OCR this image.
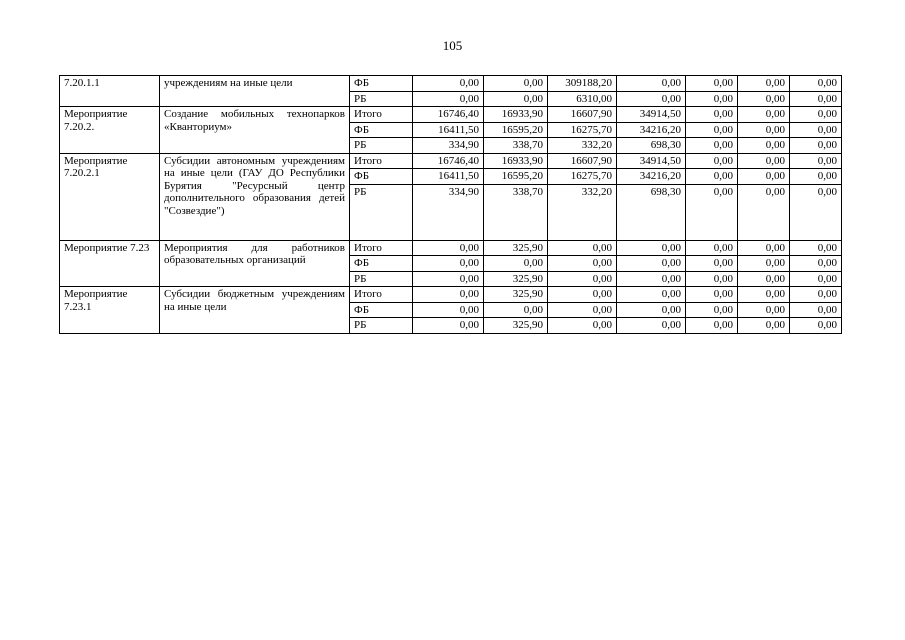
105
7.20.1.1	учреждениям на иные цели	ФБ	0,00	0,00	309188,20	0,00	0,00	0,00	0,00
		РБ	0,00	0,00	6310,00	0,00	0,00	0,00	0,00
Мероприятие 7.20.2.	Создание мобильных технопарков «Кванториум»	Итого	16746,40	16933,90	16607,90	34914,50	0,00	0,00	0,00
		ФБ	16411,50	16595,20	16275,70	34216,20	0,00	0,00	0,00
		РБ	334,90	338,70	332,20	698,30	0,00	0,00	0,00
Мероприятие 7.20.2.1	Субсидии автономным учреждениям на иные цели (ГАУ ДО Республики Бурятия "Ресурсный центр дополнительного образования детей "Созвездие")	Итого	16746,40	16933,90	16607,90	34914,50	0,00	0,00	0,00
		ФБ	16411,50	16595,20	16275,70	34216,20	0,00	0,00	0,00
		РБ	334,90	338,70	332,20	698,30	0,00	0,00	0,00
Мероприятие 7.23	Мероприятия для работников образовательных организаций	Итого	0,00	325,90	0,00	0,00	0,00	0,00	0,00
		ФБ	0,00	0,00	0,00	0,00	0,00	0,00	0,00
		РБ	0,00	325,90	0,00	0,00	0,00	0,00	0,00
Мероприятие 7.23.1	Субсидии бюджетным учреждениям на иные цели	Итого	0,00	325,90	0,00	0,00	0,00	0,00	0,00
		ФБ	0,00	0,00	0,00	0,00	0,00	0,00	0,00
		РБ	0,00	325,90	0,00	0,00	0,00	0,00	0,00
